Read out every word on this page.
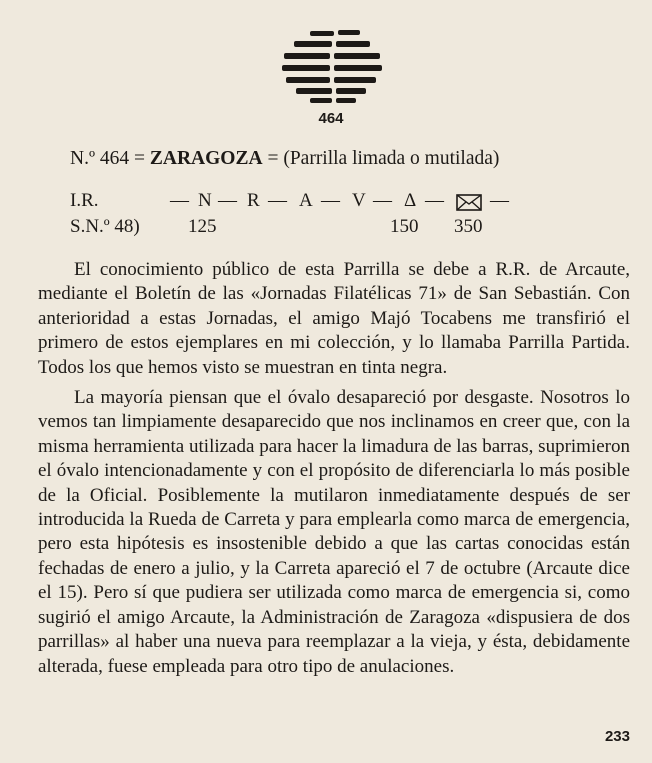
464
N.º 464 = ZARAGOZA = (Parrilla limada o mutilada)
I.R.	— N — R — A — V — Δ — —
S.N.º 48)	125	150 350

El conocimiento público de esta Parrilla se debe a R.R. de Arcaute, mediante el Boletín de las «Jornadas Filatélicas 71» de San Sebastián. Con anterioridad a estas Jornadas, el amigo Majó Tocabens me transfirió el primero de estos ejemplares en mi colección, y lo llamaba Parrilla Partida. Todos los que hemos visto se muestran en tinta negra.

La mayoría piensan que el óvalo desapareció por desgaste. Nosotros lo vemos tan limpiamente desaparecido que nos inclinamos en creer que, con la misma herramienta utilizada para hacer la limadura de las barras, suprimieron el óvalo intencionadamente y con el propósito de diferenciarla lo más posible de la Oficial. Posiblemente la mutilaron inmediatamente después de ser introducida la Rueda de Carreta y para emplearla como marca de emergencia, pero esta hipótesis es insostenible debido a que las cartas conocidas están fechadas de enero a julio, y la Carreta apareció el 7 de octubre (Arcaute dice el 15). Pero sí que pudiera ser utilizada como marca de emergencia si, como sugirió el amigo Arcaute, la Administración de Zaragoza «dispusiera de dos parrillas» al haber una nueva para reemplazar a la vieja, y ésta, debidamente alterada, fuese empleada para otro tipo de anulaciones.

233
